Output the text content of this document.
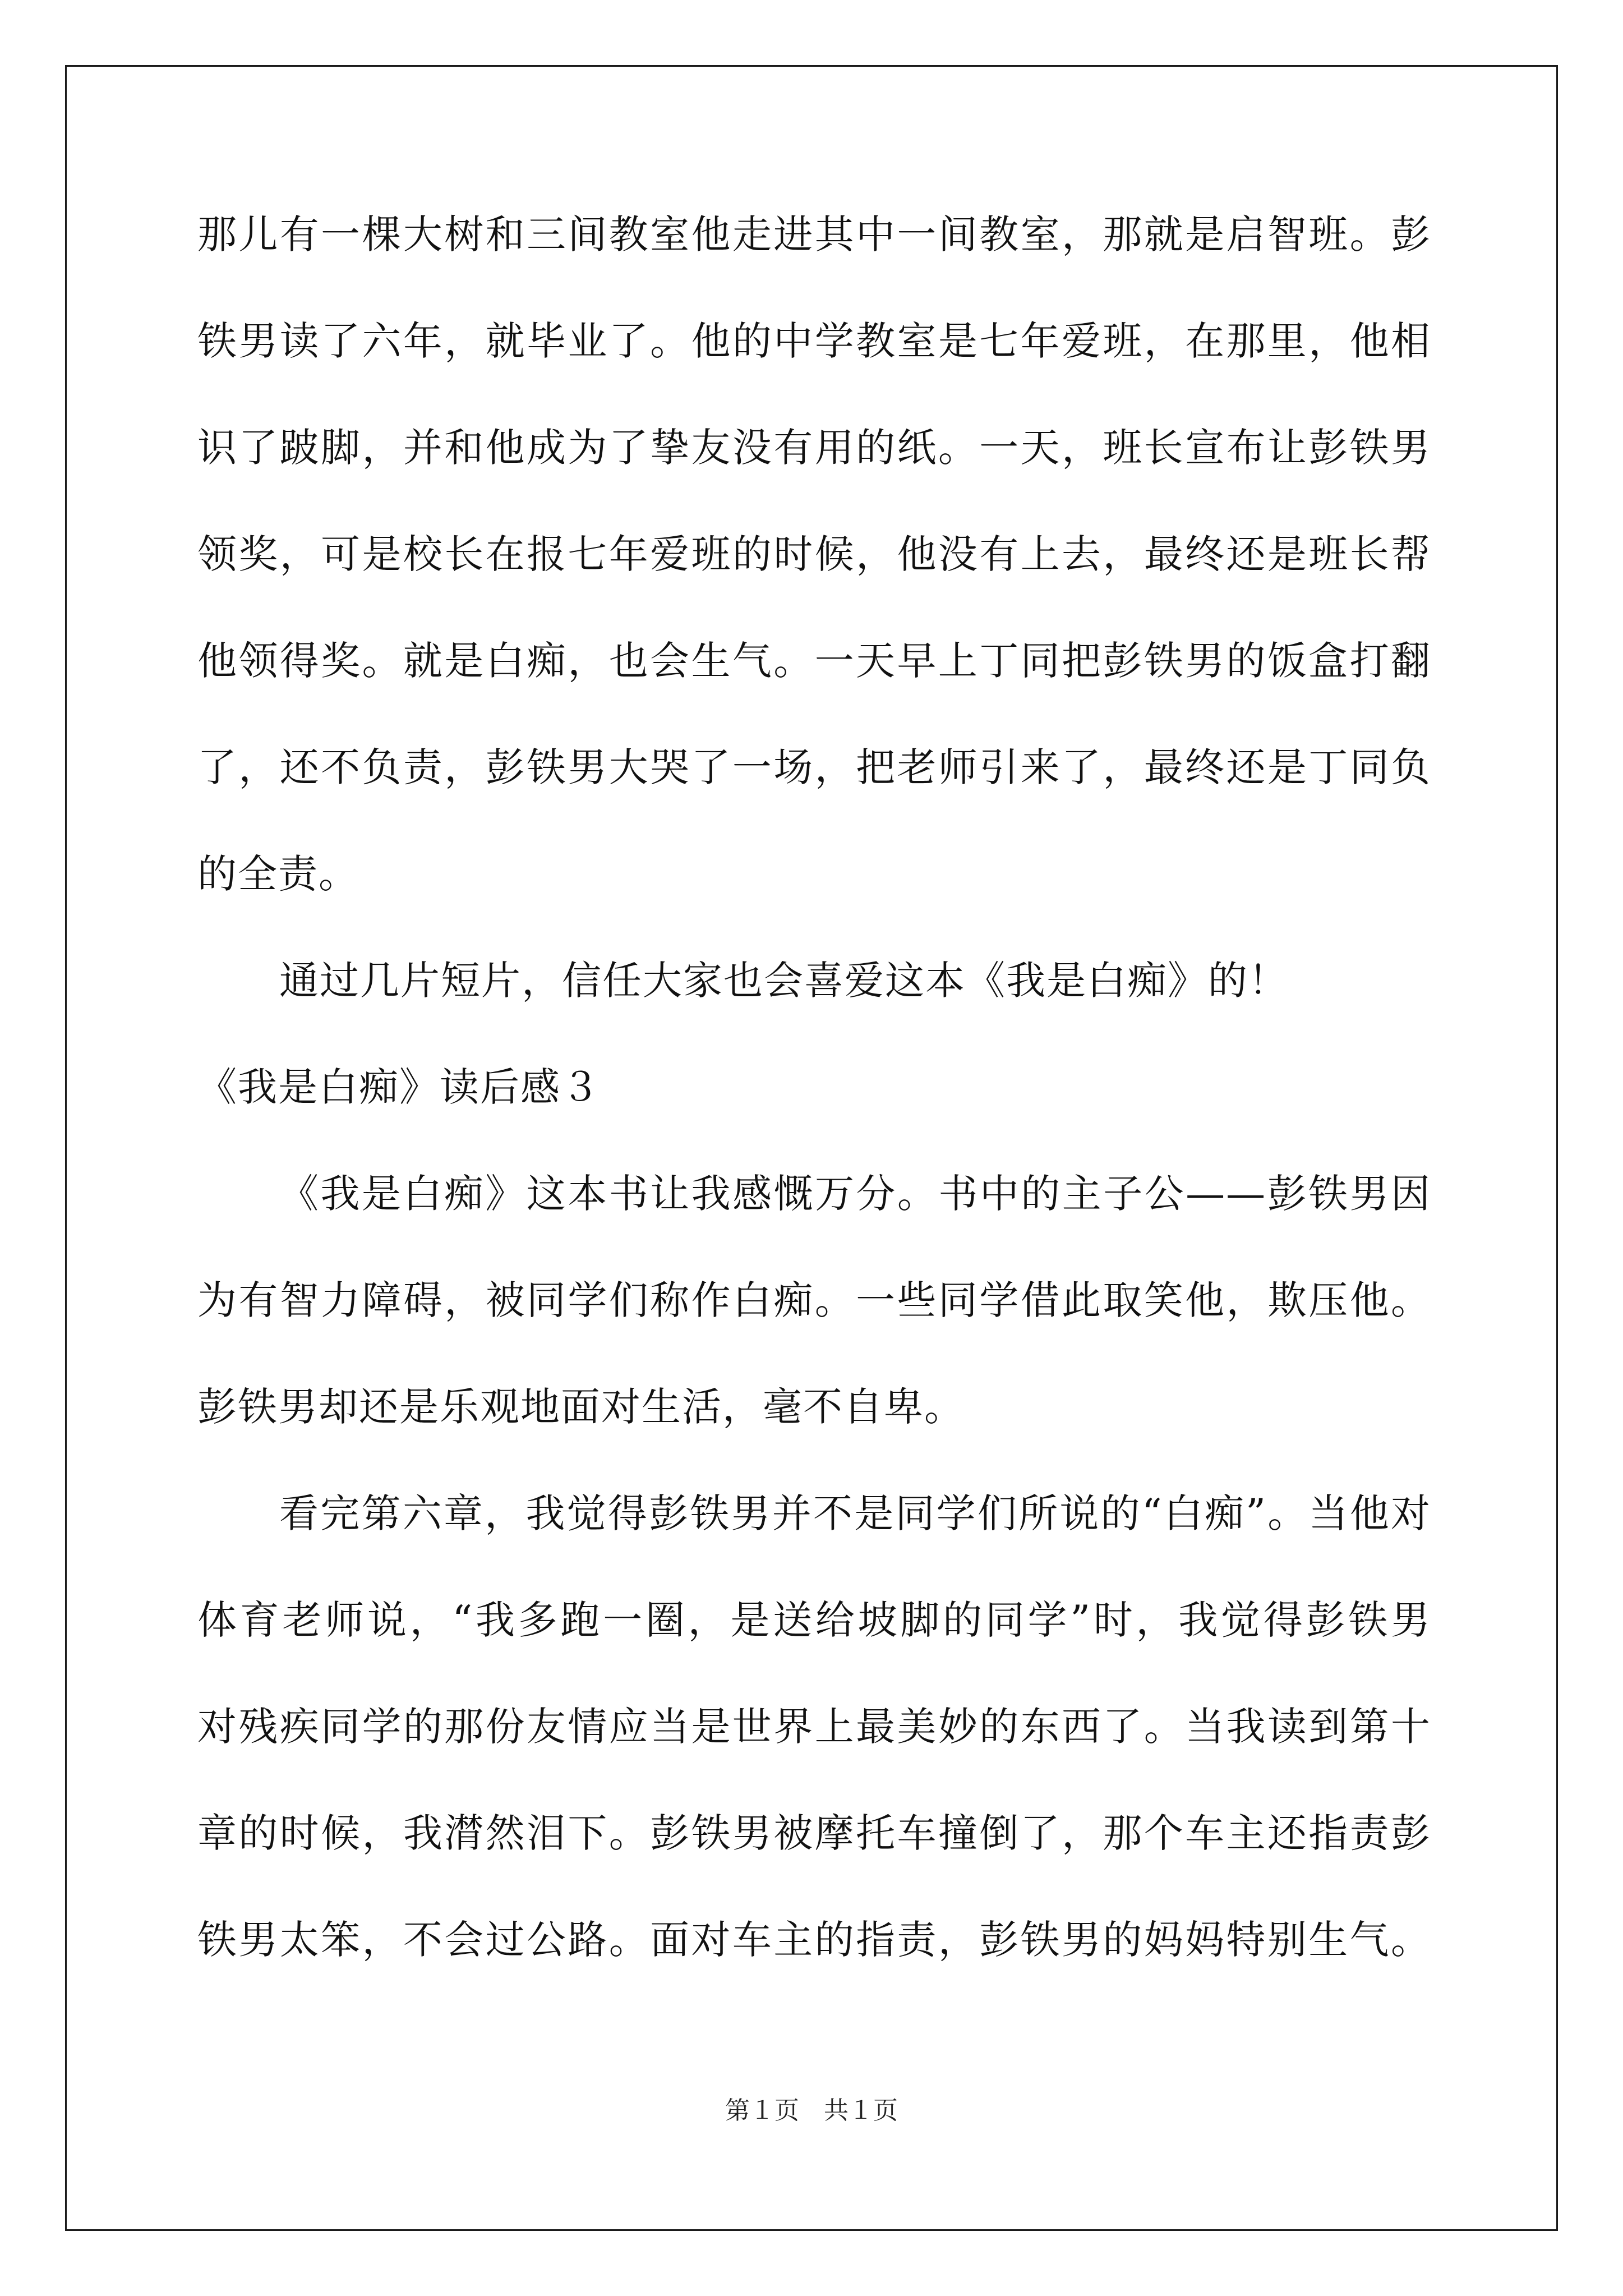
那儿有一棵大树和三间教室他走进其中一间教室，那就是启智班。彭
铁男读了六年，就毕业了。他的中学教室是七年爱班，在那里，他相
识了跛脚，并和他成为了挚友没有用的纸。一天，班长宣布让彭铁男
领奖，可是校长在报七年爱班的时候，他没有上去，最终还是班长帮
他领得奖。就是白痴，也会生气。一天早上丁同把彭铁男的饭盒打翻
了，还不负责，彭铁男大哭了一场，把老师引来了，最终还是丁同负
的全责。
通过几片短片，信任大家也会喜爱这本《我是白痴》的！
《我是白痴》读后感３
《我是白痴》这本书让我感慨万分。书中的主子公——彭铁男因
为有智力障碍，被同学们称作白痴。一些同学借此取笑他，欺压他。
彭铁男却还是乐观地面对生活，毫不自卑。
看完第六章，我觉得彭铁男并不是同学们所说的“白痴”。当他对
体育老师说，“我多跑一圈，是送给坡脚的同学”时，我觉得彭铁男
对残疾同学的那份友情应当是世界上最美妙的东西了。当我读到第十
章的时候，我潸然泪下。彭铁男被摩托车撞倒了，那个车主还指责彭
铁男太笨，不会过公路。面对车主的指责，彭铁男的妈妈特别生气。
第１页　共１页
